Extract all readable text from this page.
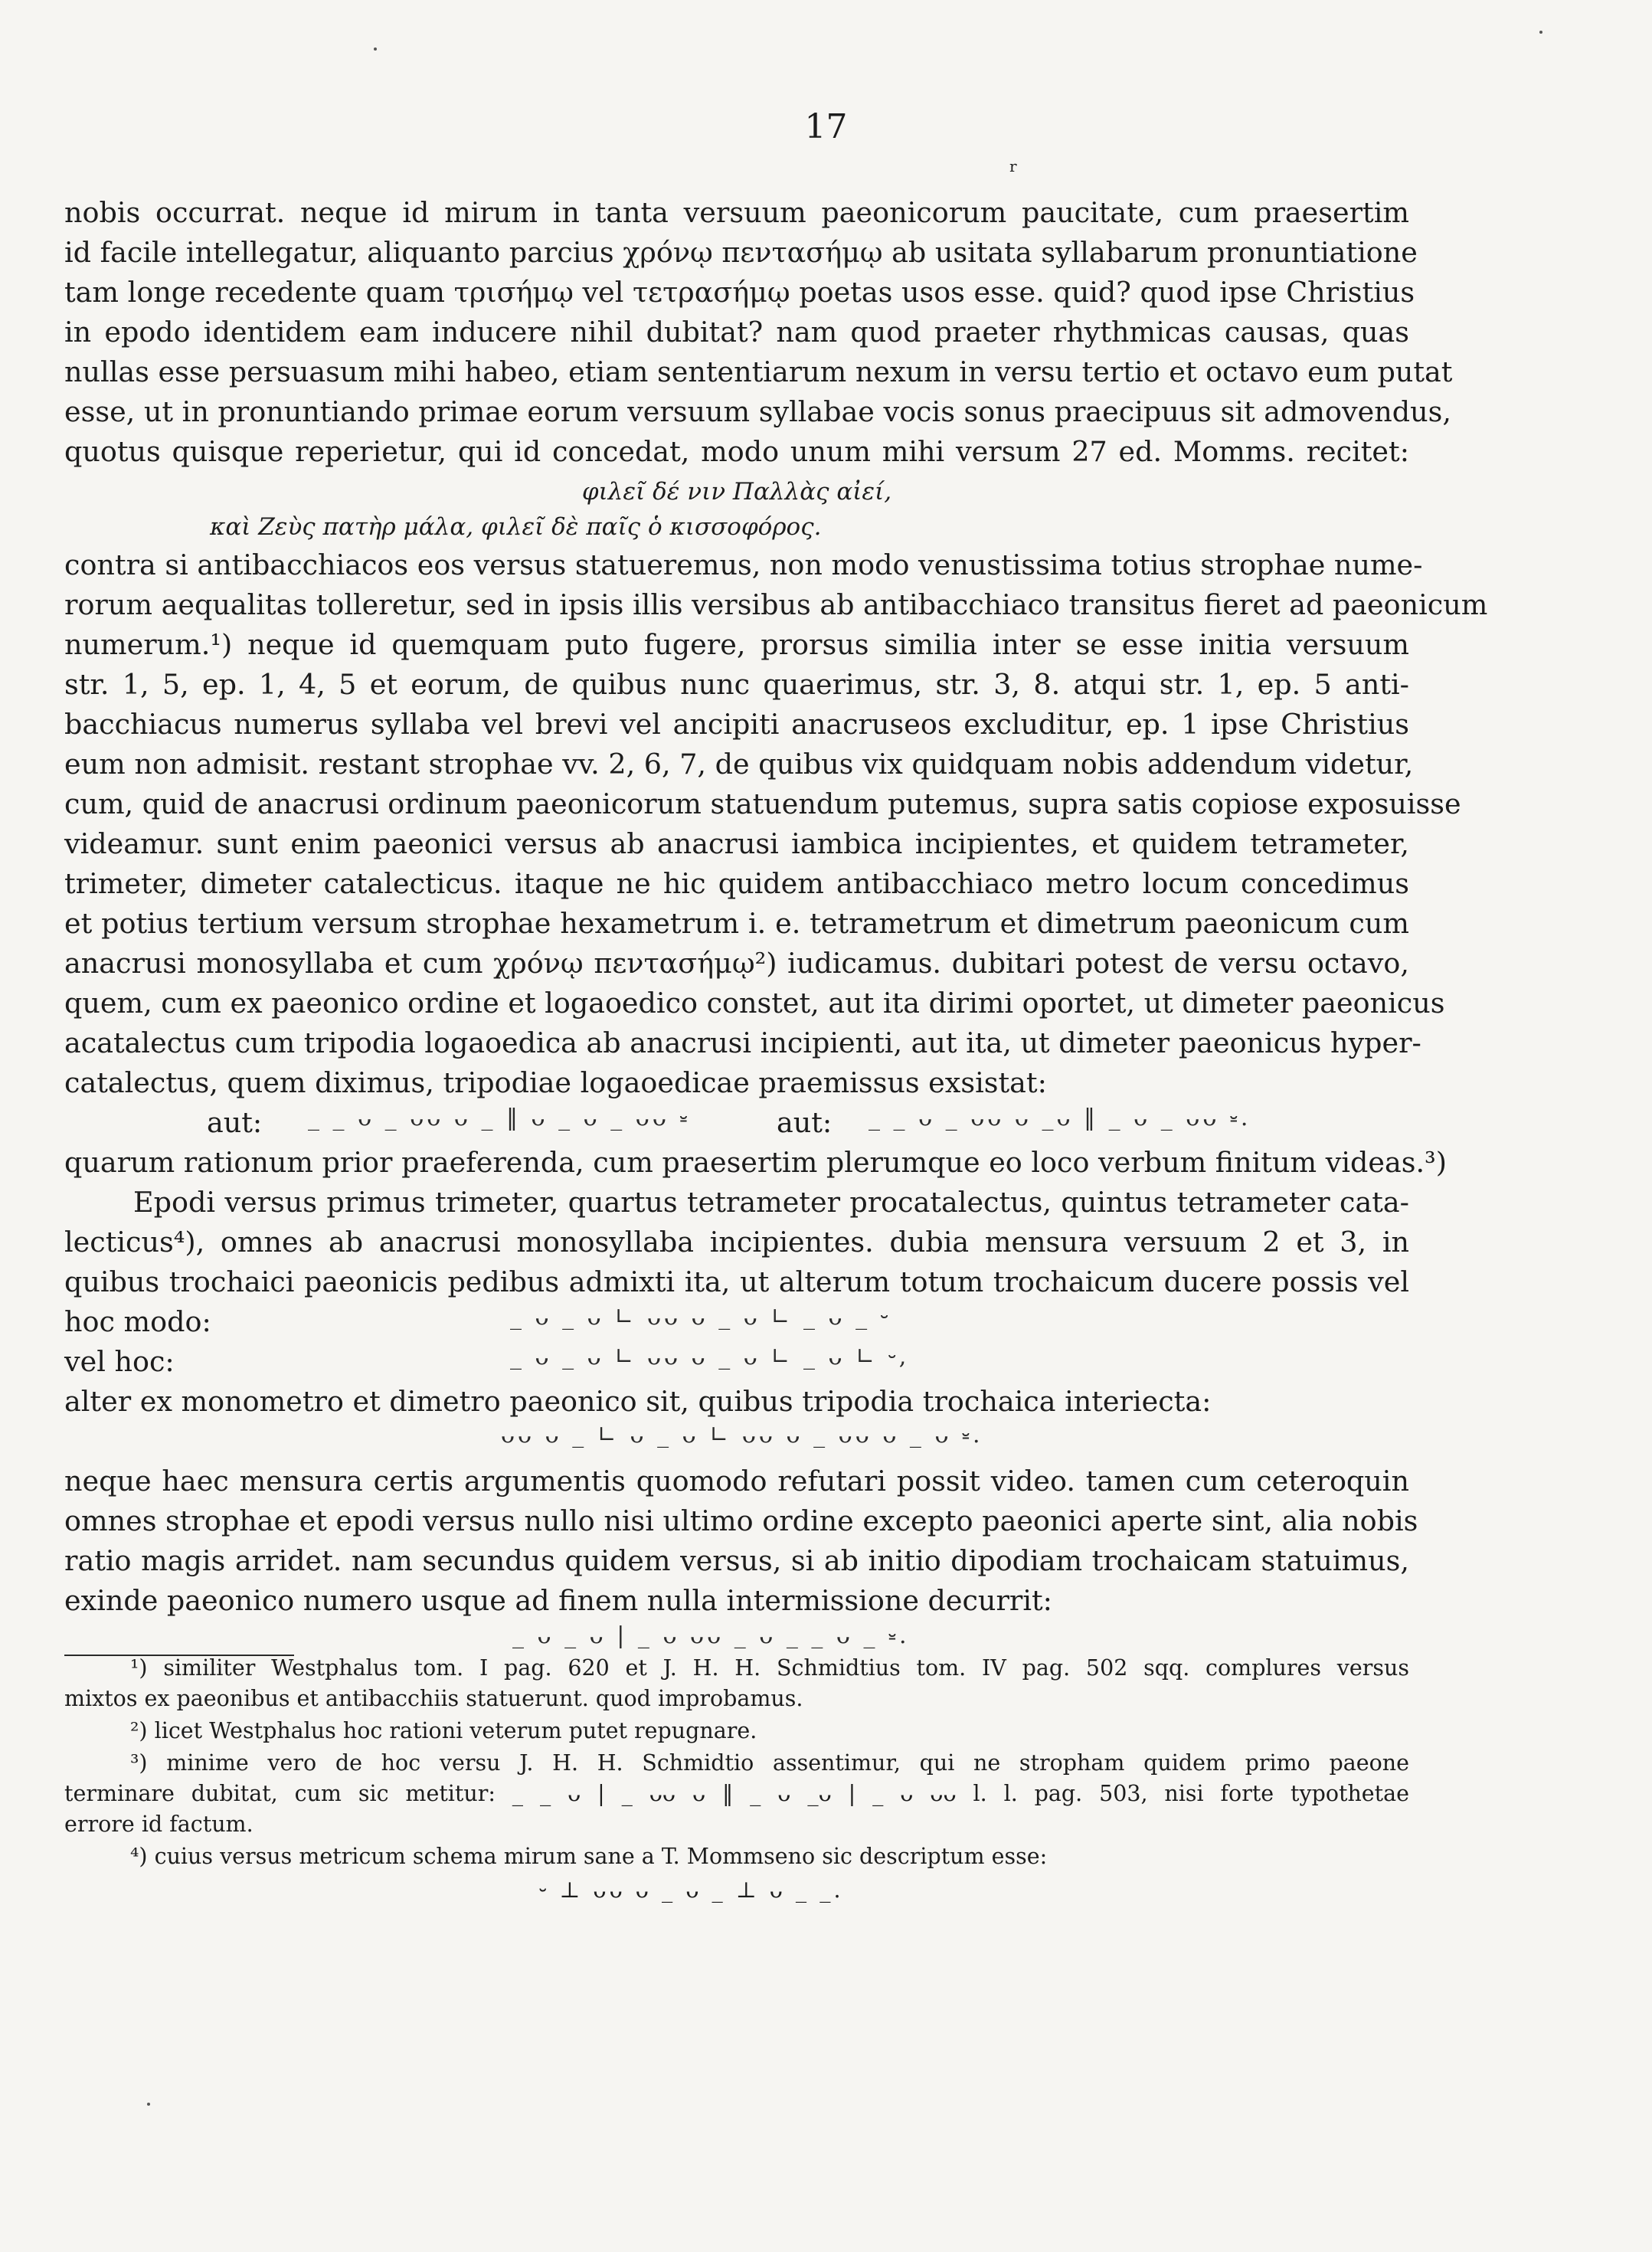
17
r
nobis occurrat. neque id mirum in tanta versuum paeonicorum paucitate, cum praesertim
id facile intellegatur, aliquanto parcius χρόνῳ πεντασήμῳ ab usitata syllabarum pronuntiatione
tam longe recedente quam τρισήμῳ vel τετρασήμῳ poetas usos esse. quid? quod ipse Christius
in epodo identidem eam inducere nihil dubitat? nam quod praeter rhythmicas causas, quas
nullas esse persuasum mihi habeo, etiam sententiarum nexum in versu tertio et octavo eum putat
esse, ut in pronuntiando primae eorum versuum syllabae vocis sonus praecipuus sit admovendus,
quotus quisque reperietur, qui id concedat, modo unum mihi versum 27 ed. Momms. recitet:
φιλεῖ δέ νιν Παλλὰς αἰεί,
καὶ Ζεὺς πατὴρ μάλα, φιλεῖ δὲ παῖς ὁ κισσοφόρος.
contra si antibacchiacos eos versus statueremus, non modo venustissima totius strophae nume-
rorum aequalitas tolleretur, sed in ipsis illis versibus ab antibacchiaco transitus fieret ad paeonicum
numerum.¹) neque id quemquam puto fugere, prorsus similia inter se esse initia versuum
str. 1, 5, ep. 1, 4, 5 et eorum, de quibus nunc quaerimus, str. 3, 8. atqui str. 1, ep. 5 anti-
bacchiacus numerus syllaba vel brevi vel ancipiti anacruseos excluditur, ep. 1 ipse Christius
eum non admisit. restant strophae vv. 2, 6, 7, de quibus vix quidquam nobis addendum videtur,
cum, quid de anacrusi ordinum paeonicorum statuendum putemus, supra satis copiose exposuisse
videamur. sunt enim paeonici versus ab anacrusi iambica incipientes, et quidem tetrameter,
trimeter, dimeter catalecticus. itaque ne hic quidem antibacchiaco metro locum concedimus
et potius tertium versum strophae hexametrum i. e. tetrametrum et dimetrum paeonicum cum
anacrusi monosyllaba et cum χρόνῳ πεντασήμῳ²) iudicamus. dubitari potest de versu octavo,
quem, cum ex paeonico ordine et logaoedico constet, aut ita dirimi oportet, ut dimeter paeonicus
acatalectus cum tripodia logaoedica ab anacrusi incipienti, aut ita, ut dimeter paeonicus hyper-
catalectus, quem diximus, tripodiae logaoedicae praemissus exsistat:
aut:	_ _ ᴗ _ ᴗᴗ ᴗ _ ‖ ᴗ _ ᴗ _ ᴗᴗ ⏓	aut:	_ _ ᴗ _ ᴗᴗ ᴗ _ᴗ ‖ _ ᴗ _ ᴗᴗ ⏓.
quarum rationum prior praeferenda, cum praesertim plerumque eo loco verbum finitum videas.³)
Epodi versus primus trimeter, quartus tetrameter procatalectus, quintus tetrameter cata-
lecticus⁴), omnes ab anacrusi monosyllaba incipientes. dubia mensura versuum 2 et 3, in
quibus trochaici paeonicis pedibus admixti ita, ut alterum totum trochaicum ducere possis vel
hoc modo:	_ ᴗ _ ᴗ ∟ ᴗᴗ ᴗ _ ᴗ ∟ _ ᴗ _ ⏑
vel hoc:	_ ᴗ _ ᴗ ∟ ᴗᴗ ᴗ _ ᴗ ∟ _ ᴗ ∟ ⏑,
alter ex monometro et dimetro paeonico sit, quibus tripodia trochaica interiecta:
ᴗᴗ ᴗ _ ∟ ᴗ _ ᴗ ∟ ᴗᴗ ᴗ _ ᴗᴗ ᴗ _ ᴗ ⏓.
neque haec mensura certis argumentis quomodo refutari possit video. tamen cum ceteroquin
omnes strophae et epodi versus nullo nisi ultimo ordine excepto paeonici aperte sint, alia nobis
ratio magis arridet. nam secundus quidem versus, si ab initio dipodiam trochaicam statuimus,
exinde paeonico numero usque ad finem nulla intermissione decurrit:
_ ᴗ _ ᴗ | _ ᴗ ᴗᴗ _ ᴗ _ _ ᴗ _ ⏓.
¹) similiter Westphalus tom. I pag. 620 et J. H. H. Schmidtius tom. IV pag. 502 sqq. complures versus
mixtos ex paeonibus et antibacchiis statuerunt. quod improbamus.
²) licet Westphalus hoc rationi veterum putet repugnare.
³) minime vero de hoc versu J. H. H. Schmidtio assentimur, qui ne stropham quidem primo paeone
terminare dubitat, cum sic metitur: _ _ ᴗ | _ ᴗᴗ ᴗ ‖ _ ᴗ _ᴗ | _ ᴗ ᴗᴗ l. l. pag. 503, nisi forte typothetae
errore id factum.
⁴) cuius versus metricum schema mirum sane a T. Mommseno sic descriptum esse:
⏑ ⊥ ᴗᴗ ᴗ _ ᴗ _ ⊥ ᴗ _ _.
